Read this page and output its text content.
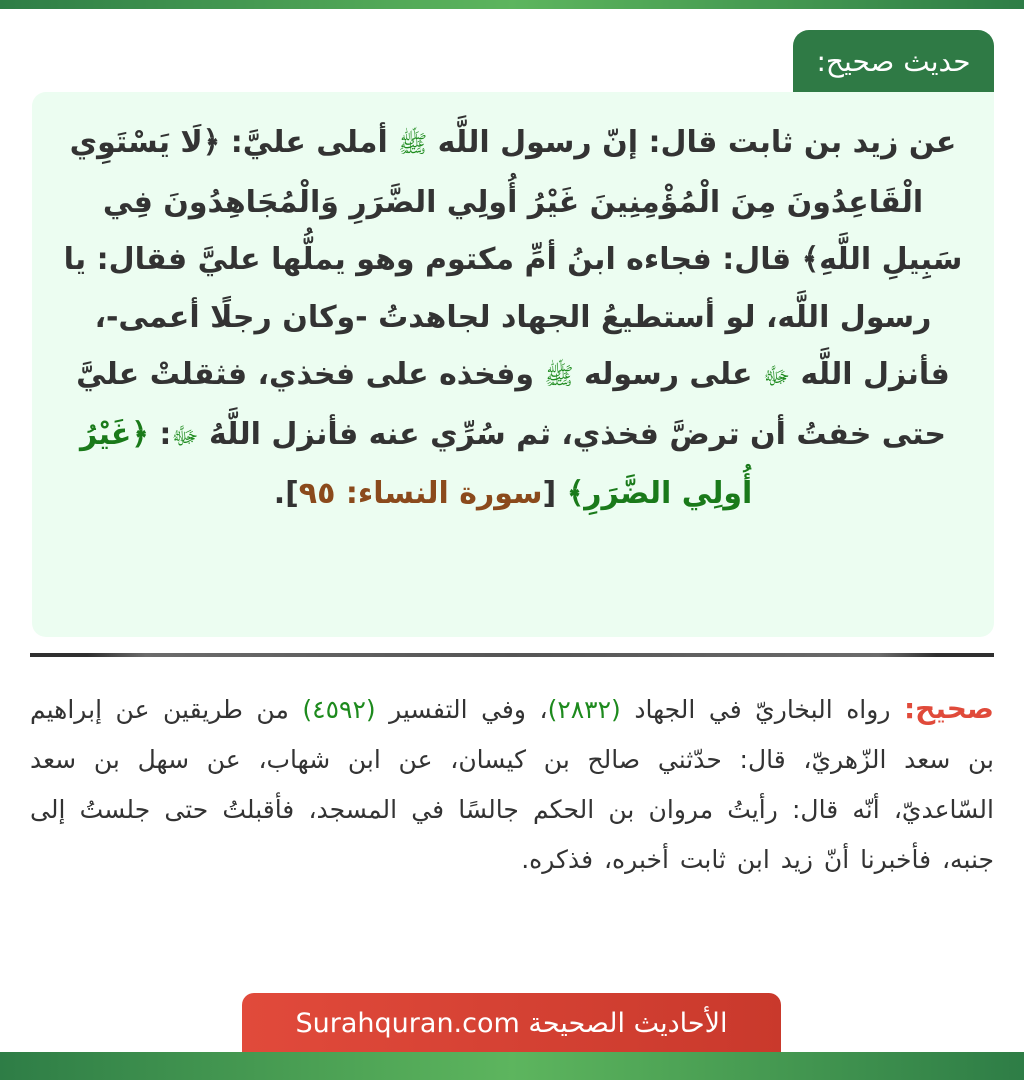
حديث صحيح:
عن زيد بن ثابت قال: إنّ رسول اللَّه ﷺ أملى عليَّ: ﴿لَا يَسْتَوِي الْقَاعِدُونَ مِنَ الْمُؤْمِنِينَ غَيْرُ أُولِي الضَّرَرِ وَالْمُجَاهِدُونَ فِي سَبِيلِ اللَّهِ﴾ قال: فجاءه ابنُ أمِّ مكتوم وهو يملُّها عليَّ فقال: يا رسول اللَّه، لو أستطيعُ الجهاد لجاهدتُ -وكان رجلًا أعمى-، فأنزل اللَّه ﷻ على رسوله ﷺ وفخذه على فخذي، فثقلتْ عليَّ حتى خفتُ أن ترضَّ فخذي، ثم سُرِّي عنه فأنزل اللَّهُ ﷻ: ﴿غَيْرُ أُولِي الضَّرَرِ﴾ [سورة النساء: ٩٥].
صحيح: رواه البخاريّ في الجهاد (٢٨٣٢)، وفي التفسير (٤٥٩٢) من طريقين عن إبراهيم بن سعد الزّهريّ، قال: حدّثني صالح بن كيسان، عن ابن شهاب، عن سهل بن سعد السّاعديّ، أنّه قال: رأيتُ مروان بن الحكم جالسًا في المسجد، فأقبلتُ حتى جلستُ إلى جنبه، فأخبرنا أنّ زيد ابن ثابت أخبره، فذكره.
الأحاديث الصحيحة Surahquran.com
